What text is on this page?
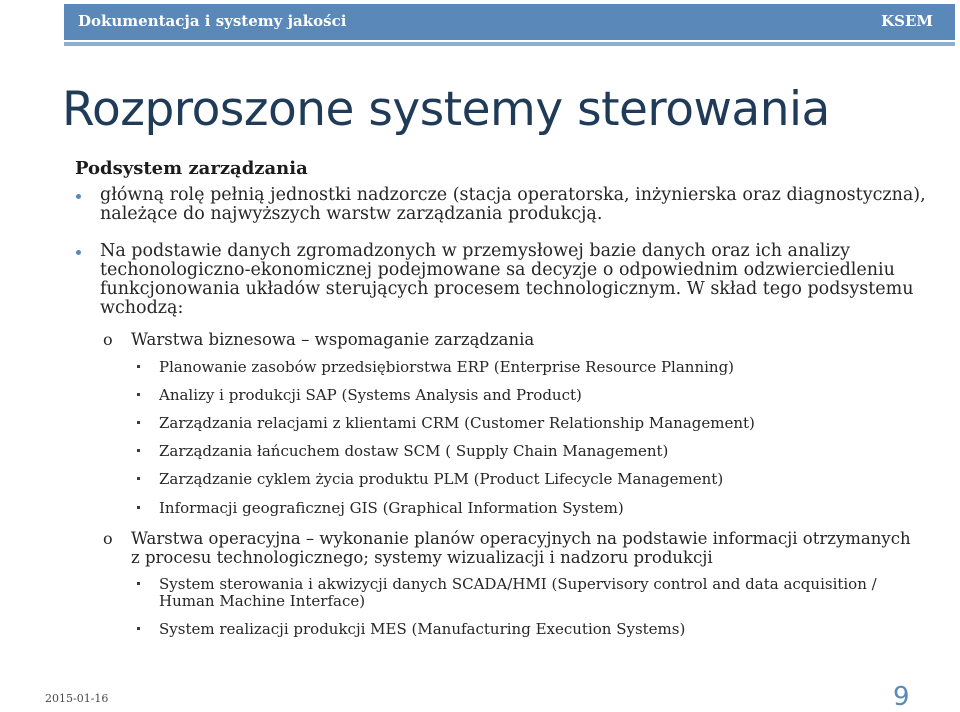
Dokumentacja i systemy jakości	KSEM
Rozproszone systemy sterowania
Podsystem zarządzania
główną rolę pełnią jednostki nadzorcze (stacja operatorska, inżynierska oraz diagnostyczna), należące do najwyższych warstw zarządzania produkcją.
Na podstawie danych zgromadzonych w przemysłowej bazie danych oraz ich analizy techonologiczno-ekonomicznej podejmowane sa decyzje o odpowiednim odzwierciedleniu funkcjonowania układów sterujących procesem technologicznym. W skład tego podsystemu wchodzą:
o Warstwa biznesowa – wspomaganie zarządzania
Planowanie zasobów przedsiębiorstwa ERP (Enterprise Resource Planning)
Analizy i produkcji SAP (Systems Analysis and Product)
Zarządzania relacjami z klientami CRM (Customer Relationship Management)
Zarządzania łańcuchem dostaw SCM ( Supply Chain Management)
Zarządzanie cyklem życia produktu PLM (Product Lifecycle Management)
Informacji geograficznej GIS (Graphical Information System)
o Warstwa operacyjna – wykonanie planów operacyjnych na podstawie informacji otrzymanych z procesu technologicznego; systemy wizualizacji i nadzoru produkcji
System sterowania i akwizycji danych SCADA/HMI (Supervisory control and data acquisition / Human Machine Interface)
System realizacji produkcji MES (Manufacturing Execution Systems)
2015-01-16	9
